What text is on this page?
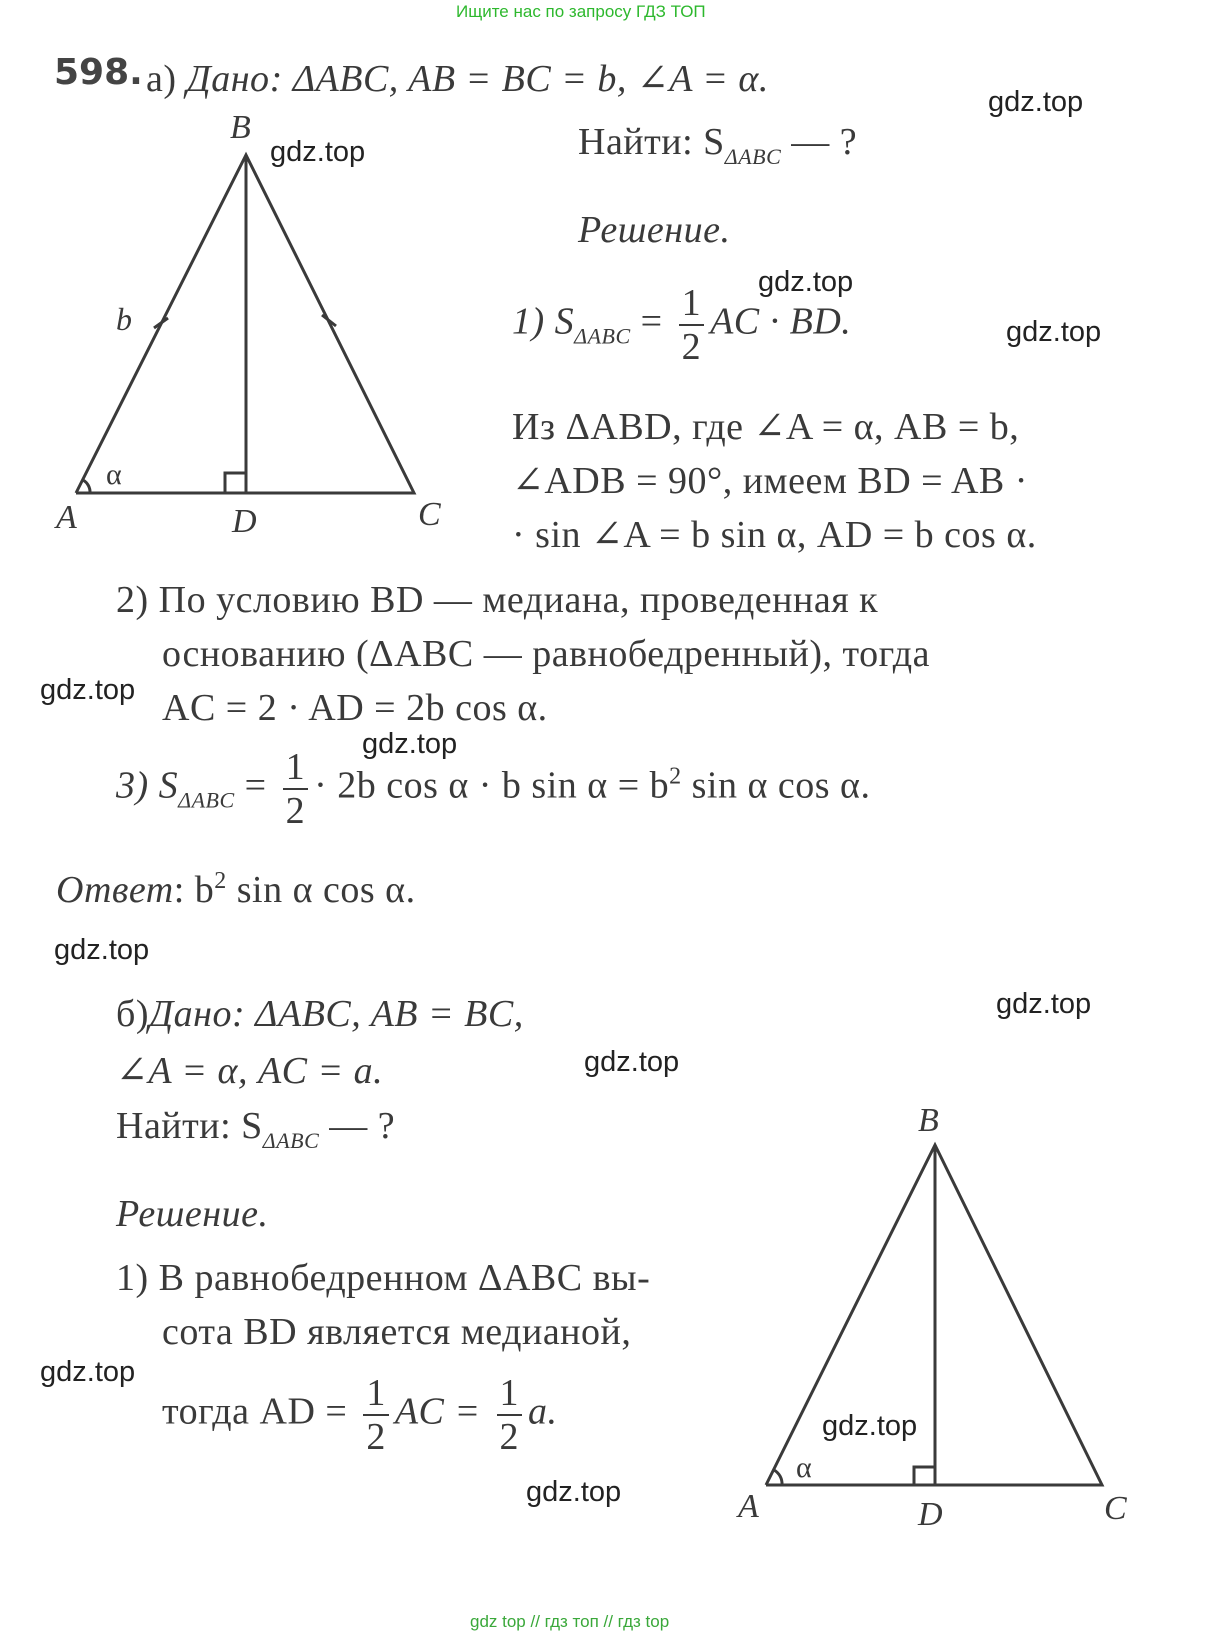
Ищите нас по запросу ГДЗ ТОП
598. а) Дано: ΔABC, AB = BC = b, ∠A = α.
Найти: $S_{\Delta ABC}$ — ?
Решение.
1) $S_{\Delta ABC} = \frac{1}{2}$ AC · BD.
Из ΔABD, где ∠A = α, AB = b,
∠ADB = 90°, имеем BD = AB ·
· sin ∠A = b sin α, AD = b cos α.
2) По условию BD — медиана, проведенная к
основанию (ΔABC — равнобедренный), тогда
AC = 2 · AD = 2b cos α.
3) $S_{\Delta ABC} = \frac{1}{2} \cdot 2b$ cos α · b $\sin \alpha = b^2$ sin α cos α.
Ответ: $b^2$ sin α cos α.
б)Дано: ΔABC, AB = BC,
∠A = α, AC = a.
Найти: $S_{\Delta ABC}$ — ?
Решение.
1) В равнобедренном ΔABC вы-
сота BD является медианой,
тогда AD = $\frac{1}{2}$ AC = $\frac{1}{2} a$.
B
A	C
D
b
α
B
A	C
D
α
gdz.top
gdz.top
gdz.top
gdz.top
gdz.top
gdz.top
gdz.top
gdz.top
gdz.top
gdz.top
gdz.top
gdz.top
gdz top // гдз топ // гдз top
